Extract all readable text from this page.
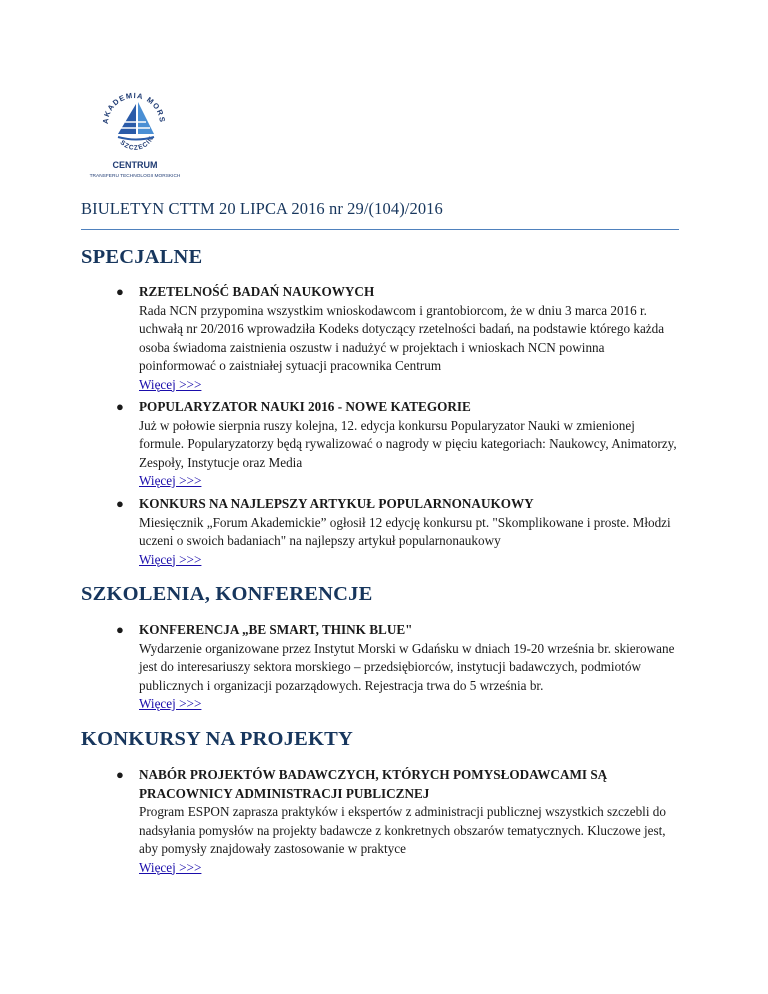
AKADEMIA MORS
SZCZECIN
CENTRUM
TRANSFERU TECHNOLOGII MORSKICH
BIULETYN CTTM 20 LIPCA 2016 nr 29/(104)/2016
SPECJALNE
● RZETELNOŚĆ BADAŃ NAUKOWYCH
Rada NCN przypomina wszystkim wnioskodawcom i grantobiorcom, że w dniu 3 marca 2016 r. uchwałą nr 20/2016 wprowadziła Kodeks dotyczący rzetelności badań, na podstawie którego każda osoba świadoma zaistnienia oszustw i nadużyć w projektach i wnioskach NCN powinna poinformować o zaistniałej sytuacji pracownika Centrum
Więcej >>>
● POPULARYZATOR NAUKI 2016 - NOWE KATEGORIE
Już w połowie sierpnia ruszy kolejna, 12. edycja konkursu Popularyzator Nauki w zmienionej formule. Popularyzatorzy będą rywalizować o nagrody w pięciu kategoriach: Naukowcy, Animatorzy, Zespoły, Instytucje oraz Media
Więcej >>>
● KONKURS NA NAJLEPSZY ARTYKUŁ POPULARNONAUKOWY
Miesięcznik „Forum Akademickie” ogłosił 12 edycję konkursu pt. "Skomplikowane i proste. Młodzi uczeni o swoich badaniach" na najlepszy artykuł popularnonaukowy
Więcej >>>
SZKOLENIA, KONFERENCJE
● KONFERENCJA „BE SMART, THINK BLUE"
Wydarzenie organizowane przez Instytut Morski w Gdańsku w dniach 19-20 września br. skierowane jest do interesariuszy sektora morskiego – przedsiębiorców, instytucji badawczych, podmiotów publicznych i organizacji pozarządowych. Rejestracja trwa do 5 września br.
Więcej >>>
KONKURSY NA PROJEKTY
● NABÓR PROJEKTÓW BADAWCZYCH, KTÓRYCH POMYSŁODAWCAMI SĄ PRACOWNICY ADMINISTRACJI PUBLICZNEJ
Program ESPON zaprasza praktyków i ekspertów z administracji publicznej wszystkich szczebli do nadsyłania pomysłów na projekty badawcze z konkretnych obszarów tematycznych. Kluczowe jest, aby pomysły znajdowały zastosowanie w praktyce
Więcej >>>
